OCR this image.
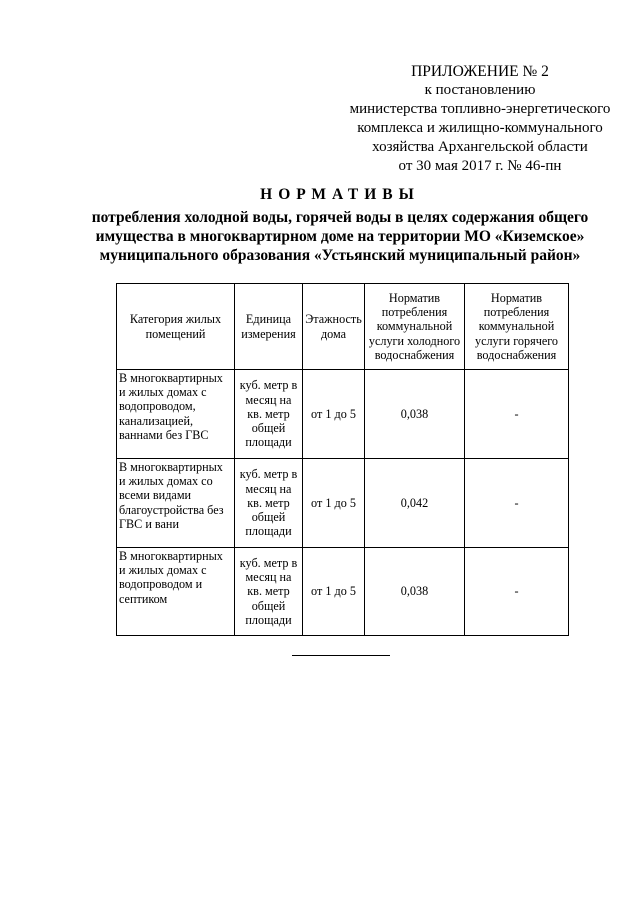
ПРИЛОЖЕНИЕ № 2
к постановлению
министерства топливно-энергетического
комплекса и жилищно-коммунального
хозяйства Архангельской области
от 30 мая 2017 г. № 46-пн
НОРМАТИВЫ
потребления холодной воды, горячей воды в целях содержания общего
имущества в многоквартирном доме на территории МО «Киземское»
муниципального образования «Устьянский муниципальный район»
Категория жилых помещений	Единица измерения	Этажность дома	Норматив потребления коммунальной услуги холодного водоснабжения	Норматив потребления коммунальной услуги горячего водоснабжения
В многоквартирных и жилых домах с водопроводом, канализацией, ваннами без ГВС	куб. метр в месяц на кв. метр общей площади	от 1 до 5	0,038	-
В многоквартирных и жилых домах со всеми видами благоустройства без ГВС и вани	куб. метр в месяц на кв. метр общей площади	от 1 до 5	0,042	-
В многоквартирных и жилых домах с водопроводом и септиком	куб. метр в месяц на кв. метр общей площади	от 1 до 5	0,038	-
